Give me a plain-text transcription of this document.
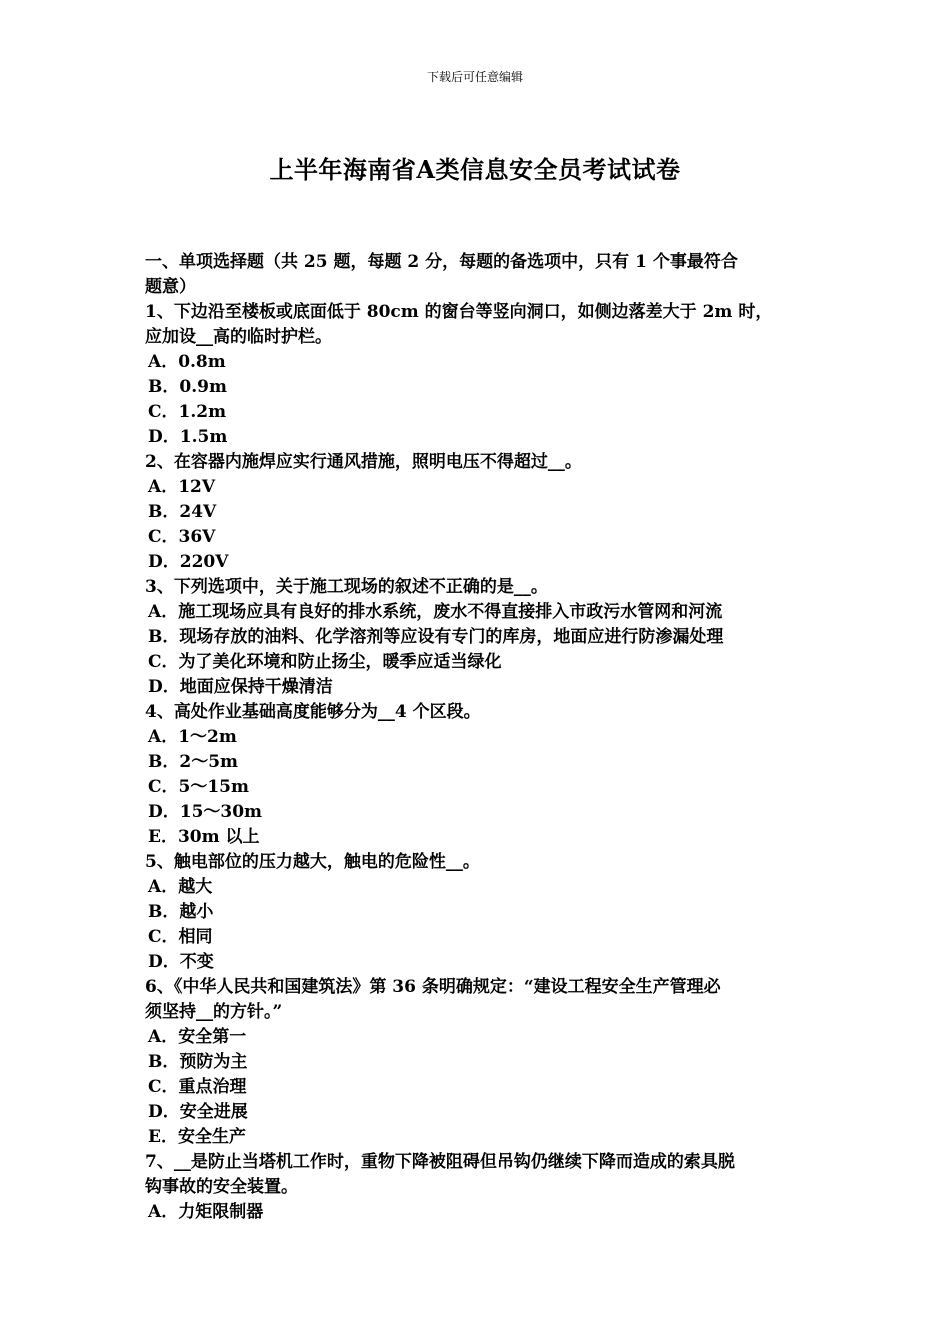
下载后可任意编辑
上半年海南省A类信息安全员考试试卷
一、单项选择题（共 25 题，每题 2 分，每题的备选项中，只有 1 个事最符合
题意）
1、下边沿至楼板或底面低于 80cm 的窗台等竖向洞口，如侧边落差大于 2m 时，
应加设__高的临时护栏。
A．0.8m
B．0.9m
C．1.2m
D．1.5m
2、在容器内施焊应实行通风措施，照明电压不得超过__。
A．12V
B．24V
C．36V
D．220V
3、下列选项中，关于施工现场的叙述不正确的是__。
A．施工现场应具有良好的排水系统，废水不得直接排入市政污水管网和河流
B．现场存放的油料、化学溶剂等应设有专门的库房，地面应进行防渗漏处理
C．为了美化环境和防止扬尘，暖季应适当绿化
D．地面应保持干燥清洁
4、高处作业基础高度能够分为__4 个区段。
A．1～2m
B．2～5m
C．5～15m
D．15～30m
E．30m 以上
5、触电部位的压力越大，触电的危险性__。
A．越大
B．越小
C．相同
D．不变
6、《中华人民共和国建筑法》第 36 条明确规定：“建设工程安全生产管理必
须坚持__的方针。”
A．安全第一
B．预防为主
C．重点治理
D．安全进展
E．安全生产
7、__是防止当塔机工作时，重物下降被阻碍但吊钩仍继续下降而造成的索具脱
钩事故的安全装置。
A．力矩限制器
